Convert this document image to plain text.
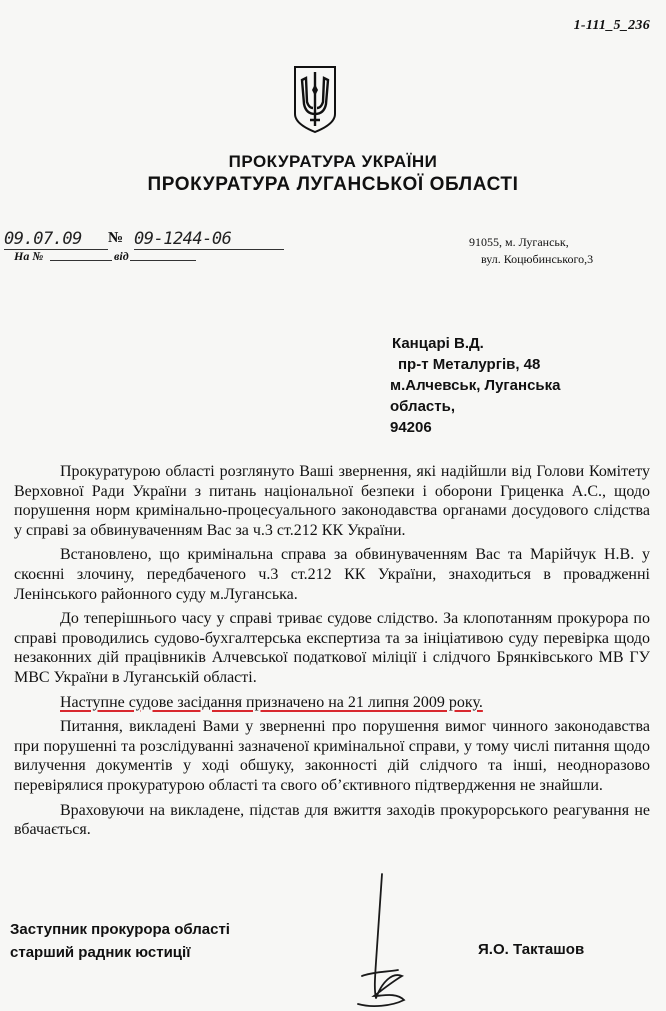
1-111_5_236
ПРОКУРАТУРА УКРАЇНИ
ПРОКУРАТУРА ЛУГАНСЬКОЇ ОБЛАСТІ
09.07.09	№ 09-1244-06
На №	від
91055, м. Луганськ,
вул. Коцюбинського,3
Канцарі В.Д.
пр-т Металургів, 48
м.Алчевськ, Луганська
область,
94206

Прокуратурою області розглянуто Ваші звернення, які надійшли від Голови Комітету Верховної Ради України з питань національної безпеки і оборони Гриценка А.С., щодо порушення норм кримінально-процесуального законодавства органами досудового слідства у справі за обвинуваченням Вас за ч.3 ст.212 КК України.

Встановлено, що кримінальна справа за обвинуваченням Вас та Марійчук Н.В. у скоєнні злочину, передбаченого ч.3 ст.212 КК України, знаходиться в провадженні Ленінського районного суду м.Луганська.

До теперішнього часу у справі триває судове слідство. За клопотанням прокурора по справі проводились судово-бухгалтерська експертиза та за ініціативою суду перевірка щодо незаконних дій працівників Алчевської податкової міліції і слідчого Брянківського МВ ГУ МВС України в Луганській області.

Наступне судове засідання призначено на 21 липня 2009 року.

Питання, викладені Вами у зверненні про порушення вимог чинного законодавства при порушенні та розслідуванні зазначеної кримінальної справи, у тому числі питання щодо вилучення документів у ході обшуку, законності дій слідчого та інші, неодноразово перевірялися прокуратурою області та свого об’єктивного підтвердження не знайшли.

Враховуючи на викладене, підстав для вжиття заходів прокурорського реагування не вбачається.

Заступник прокурора області
старший радник юстиції	Я.О. Такташов
